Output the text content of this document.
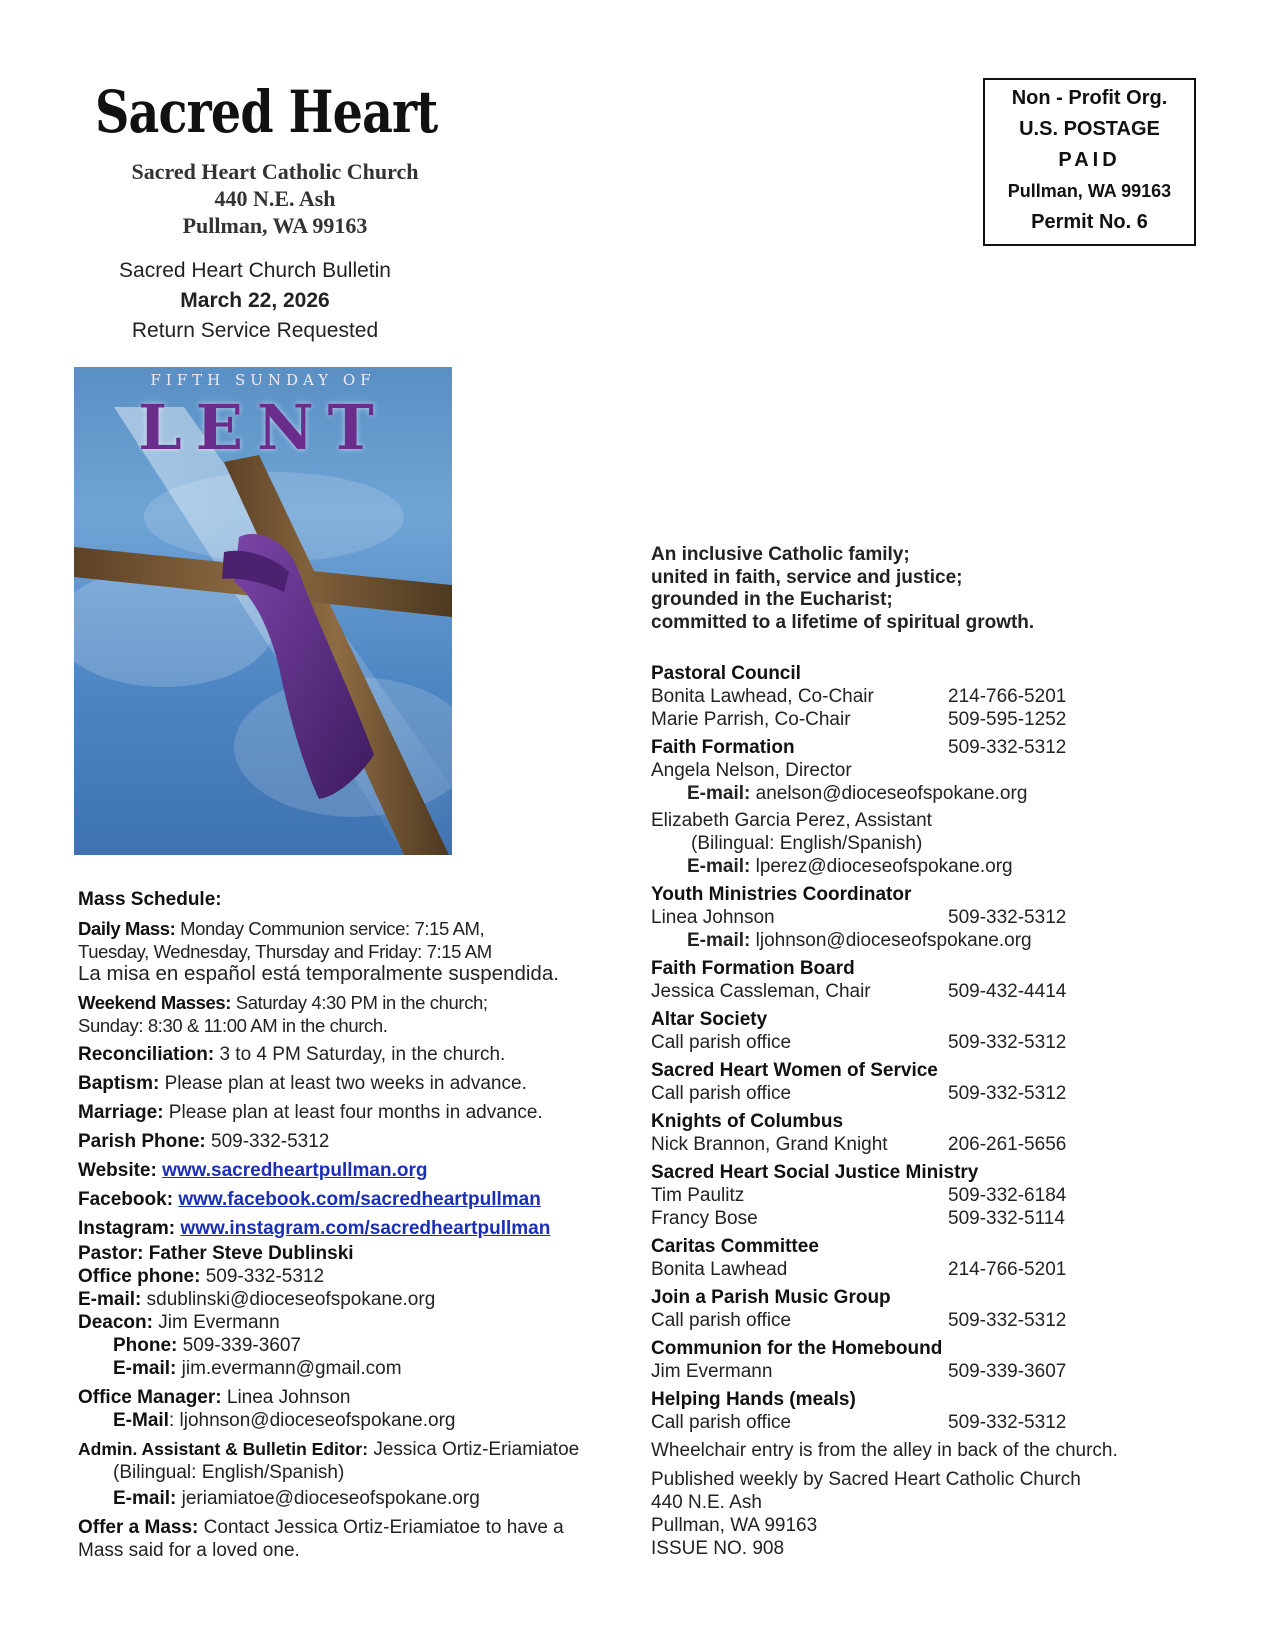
Sacred Heart
Sacred Heart Catholic Church
440 N.E. Ash
Pullman, WA 99163
Sacred Heart Church Bulletin
March 22, 2026
Return Service Requested
Non - Profit Org.
U.S. POSTAGE
PAID
Pullman, WA 99163
Permit No. 6
FIFTH SUNDAY OF
LENT
Mass Schedule:
Daily Mass: Monday Communion service: 7:15 AM,
Tuesday, Wednesday, Thursday and Friday: 7:15 AM
La misa en español está temporalmente suspendida.
Weekend Masses: Saturday 4:30 PM in the church;
Sunday: 8:30 & 11:00 AM in the church.
Reconciliation: 3 to 4 PM Saturday, in the church.
Baptism: Please plan at least two weeks in advance.
Marriage: Please plan at least four months in advance.
Parish Phone: 509-332-5312
Website: www.sacredheartpullman.org
Facebook: www.facebook.com/sacredheartpullman
Instagram: www.instagram.com/sacredheartpullman
Pastor: Father Steve Dublinski
Office phone: 509-332-5312
E-mail: sdublinski@dioceseofspokane.org
Deacon: Jim Evermann
Phone: 509-339-3607
E-mail: jim.evermann@gmail.com
Office Manager: Linea Johnson
E-Mail: ljohnson@dioceseofspokane.org
Admin. Assistant & Bulletin Editor: Jessica Ortiz-Eriamiatoe
(Bilingual: English/Spanish)
E-mail: jeriamiatoe@dioceseofspokane.org
Offer a Mass: Contact Jessica Ortiz-Eriamiatoe to have a
Mass said for a loved one.
An inclusive Catholic family;
united in faith, service and justice;
grounded in the Eucharist;
committed to a lifetime of spiritual growth.
Pastoral Council
Bonita Lawhead, Co-Chair	214-766-5201
Marie Parrish, Co-Chair	509-595-1252
Faith Formation	509-332-5312
Angela Nelson, Director
E-mail: anelson@dioceseofspokane.org
Elizabeth Garcia Perez, Assistant
(Bilingual: English/Spanish)
E-mail: lperez@dioceseofspokane.org
Youth Ministries Coordinator
Linea Johnson	509-332-5312
E-mail: ljohnson@dioceseofspokane.org
Faith Formation Board
Jessica Cassleman, Chair	509-432-4414
Altar Society
Call parish office	509-332-5312
Sacred Heart Women of Service
Call parish office	509-332-5312
Knights of Columbus
Nick Brannon, Grand Knight	206-261-5656
Sacred Heart Social Justice Ministry
Tim Paulitz	509-332-6184
Francy Bose	509-332-5114
Caritas Committee
Bonita Lawhead	214-766-5201
Join a Parish Music Group
Call parish office	509-332-5312
Communion for the Homebound
Jim Evermann	509-339-3607
Helping Hands (meals)
Call parish office	509-332-5312
Wheelchair entry is from the alley in back of the church.
Published weekly by Sacred Heart Catholic Church
440 N.E. Ash
Pullman, WA 99163
ISSUE NO. 908
